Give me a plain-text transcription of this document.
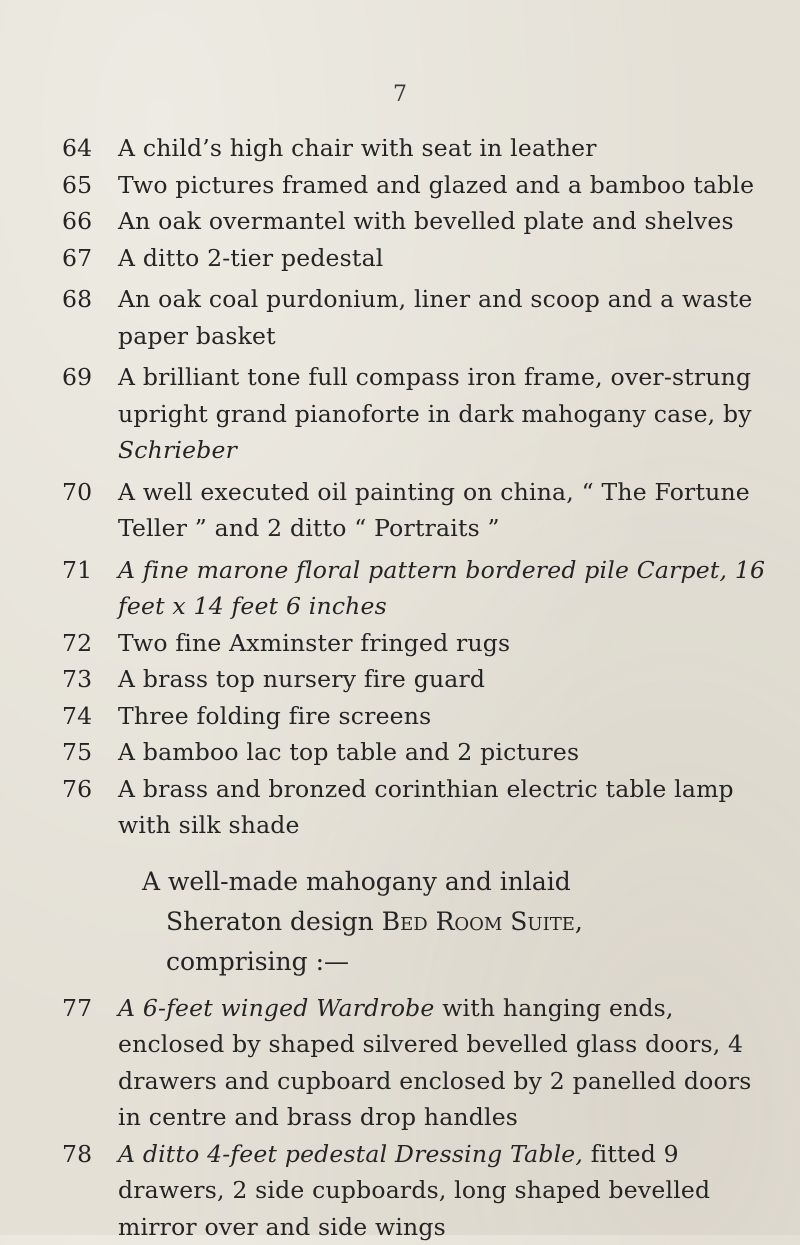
7

64	A child’s high chair with seat in leather

65	Two pictures framed and glazed and a bamboo table

66	An oak overmantel with bevelled plate and shelves

67	A ditto 2-tier pedestal

68	An oak coal purdonium, liner and scoop and a waste paper basket

69	A brilliant tone full compass iron frame, over-strung upright grand pianoforte in dark mahogany case, by Schrieber

70	A well executed oil painting on china, “ The Fortune Teller ” and 2 ditto “ Portraits ”

71	A fine marone floral pattern bordered pile Carpet, 16 feet x 14 feet 6 inches

72	Two fine Axminster fringed rugs

73	A brass top nursery fire guard

74	Three folding fire screens

75	A bamboo lac top table and 2 pictures

76	A brass and bronzed corinthian electric table lamp with silk shade

A well-made mahogany and inlaid
Sheraton design Bed Room Suite,
comprising :—

77	A 6-feet winged Wardrobe with hanging ends, enclosed by shaped silvered bevelled glass doors, 4 drawers and cupboard enclosed by 2 panelled doors in centre and brass drop handles

78	A ditto 4-feet pedestal Dressing Table, fitted 9 drawers, 2 side cupboards, long shaped bevelled mirror over and side wings
